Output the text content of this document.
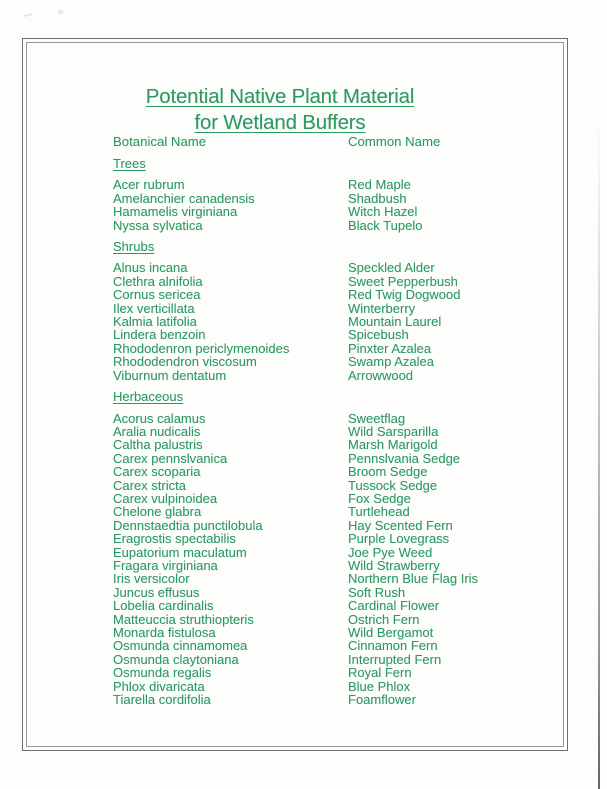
Potential Native Plant Material
for Wetland Buffers
Botanical Name	Common Name
Trees
Acer rubrum	Red Maple
Amelanchier canadensis	Shadbush
Hamamelis virginiana	Witch Hazel
Nyssa sylvatica	Black Tupelo
Shrubs
Alnus incana	Speckled Alder
Clethra alnifolia	Sweet Pepperbush
Cornus sericea	Red Twig Dogwood
Ilex verticillata	Winterberry
Kalmia latifolia	Mountain Laurel
Lindera benzoin	Spicebush
Rhododenron periclymenoides	Pinxter Azalea
Rhododendron viscosum	Swamp Azalea
Viburnum dentatum	Arrowwood
Herbaceous
Acorus calamus	Sweetflag
Aralia nudicalis	Wild Sarsparilla
Caltha palustris	Marsh Marigold
Carex pennslvanica	Pennslvania Sedge
Carex scoparia	Broom Sedge
Carex stricta	Tussock Sedge
Carex vulpinoidea	Fox Sedge
Chelone glabra	Turtlehead
Dennstaedtia punctilobula	Hay Scented Fern
Eragrostis spectabilis	Purple Lovegrass
Eupatorium maculatum	Joe Pye Weed
Fragara virginiana	Wild Strawberry
Iris versicolor	Northern Blue Flag Iris
Juncus effusus	Soft Rush
Lobelia cardinalis	Cardinal Flower
Matteuccia struthiopteris	Ostrich Fern
Monarda fistulosa	Wild Bergamot
Osmunda cinnamomea	Cinnamon Fern
Osmunda claytoniana	Interrupted Fern
Osmunda regalis	Royal Fern
Phlox divaricata	Blue Phlox
Tiarella cordifolia	Foamflower
